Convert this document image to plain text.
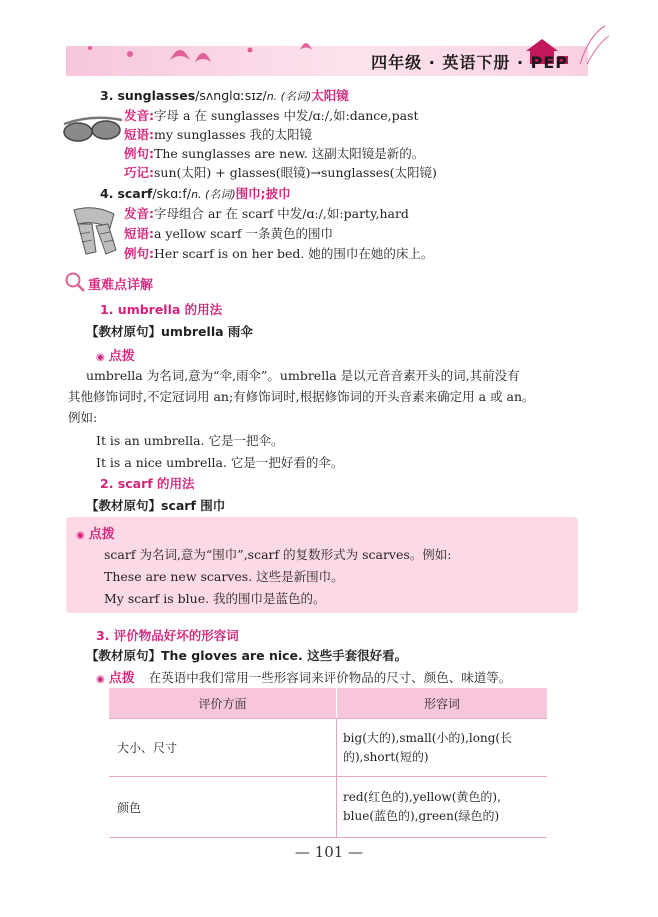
四年级 · 英语下册 · PEP
3. sunglasses/sʌnɡlɑːsɪz/n. (名词)太阳镜
发音:字母 a 在 sunglasses 中发/ɑː/,如:dance,past
短语:my sunglasses 我的太阳镜
例句:The sunglasses are new. 这副太阳镜是新的。
巧记:sun(太阳) + glasses(眼镜)→sunglasses(太阳镜)
4. scarf/skɑːf/n. (名词)围巾;披巾
发音:字母组合 ar 在 scarf 中发/ɑː/,如:party,hard
短语:a yellow scarf 一条黄色的围巾
例句:Her scarf is on her bed. 她的围巾在她的床上。
重难点详解
1. umbrella 的用法
【教材原句】umbrella 雨伞
◉ 点拨
umbrella 为名词,意为“伞,雨伞”。umbrella 是以元音音素开头的词,其前没有
其他修饰词时,不定冠词用 an;有修饰词时,根据修饰词的开头音素来确定用 a 或 an。
例如:
It is an umbrella. 它是一把伞。
It is a nice umbrella. 它是一把好看的伞。
2. scarf 的用法
【教材原句】scarf 围巾
◉ 点拨
scarf 为名词,意为“围巾”,scarf 的复数形式为 scarves。例如:
These are new scarves. 这些是新围巾。
My scarf is blue. 我的围巾是蓝色的。
3. 评价物品好坏的形容词
【教材原句】The gloves are nice. 这些手套很好看。
◉ 点拨 在英语中我们常用一些形容词来评价物品的尺寸、颜色、味道等。
评价方面	形容词
大小、尺寸	big(大的),small(小的),long(长
的),short(短的)

颜色	red(红色的),yellow(黄色的),
blue(蓝色的),green(绿色的)
— 101 —
